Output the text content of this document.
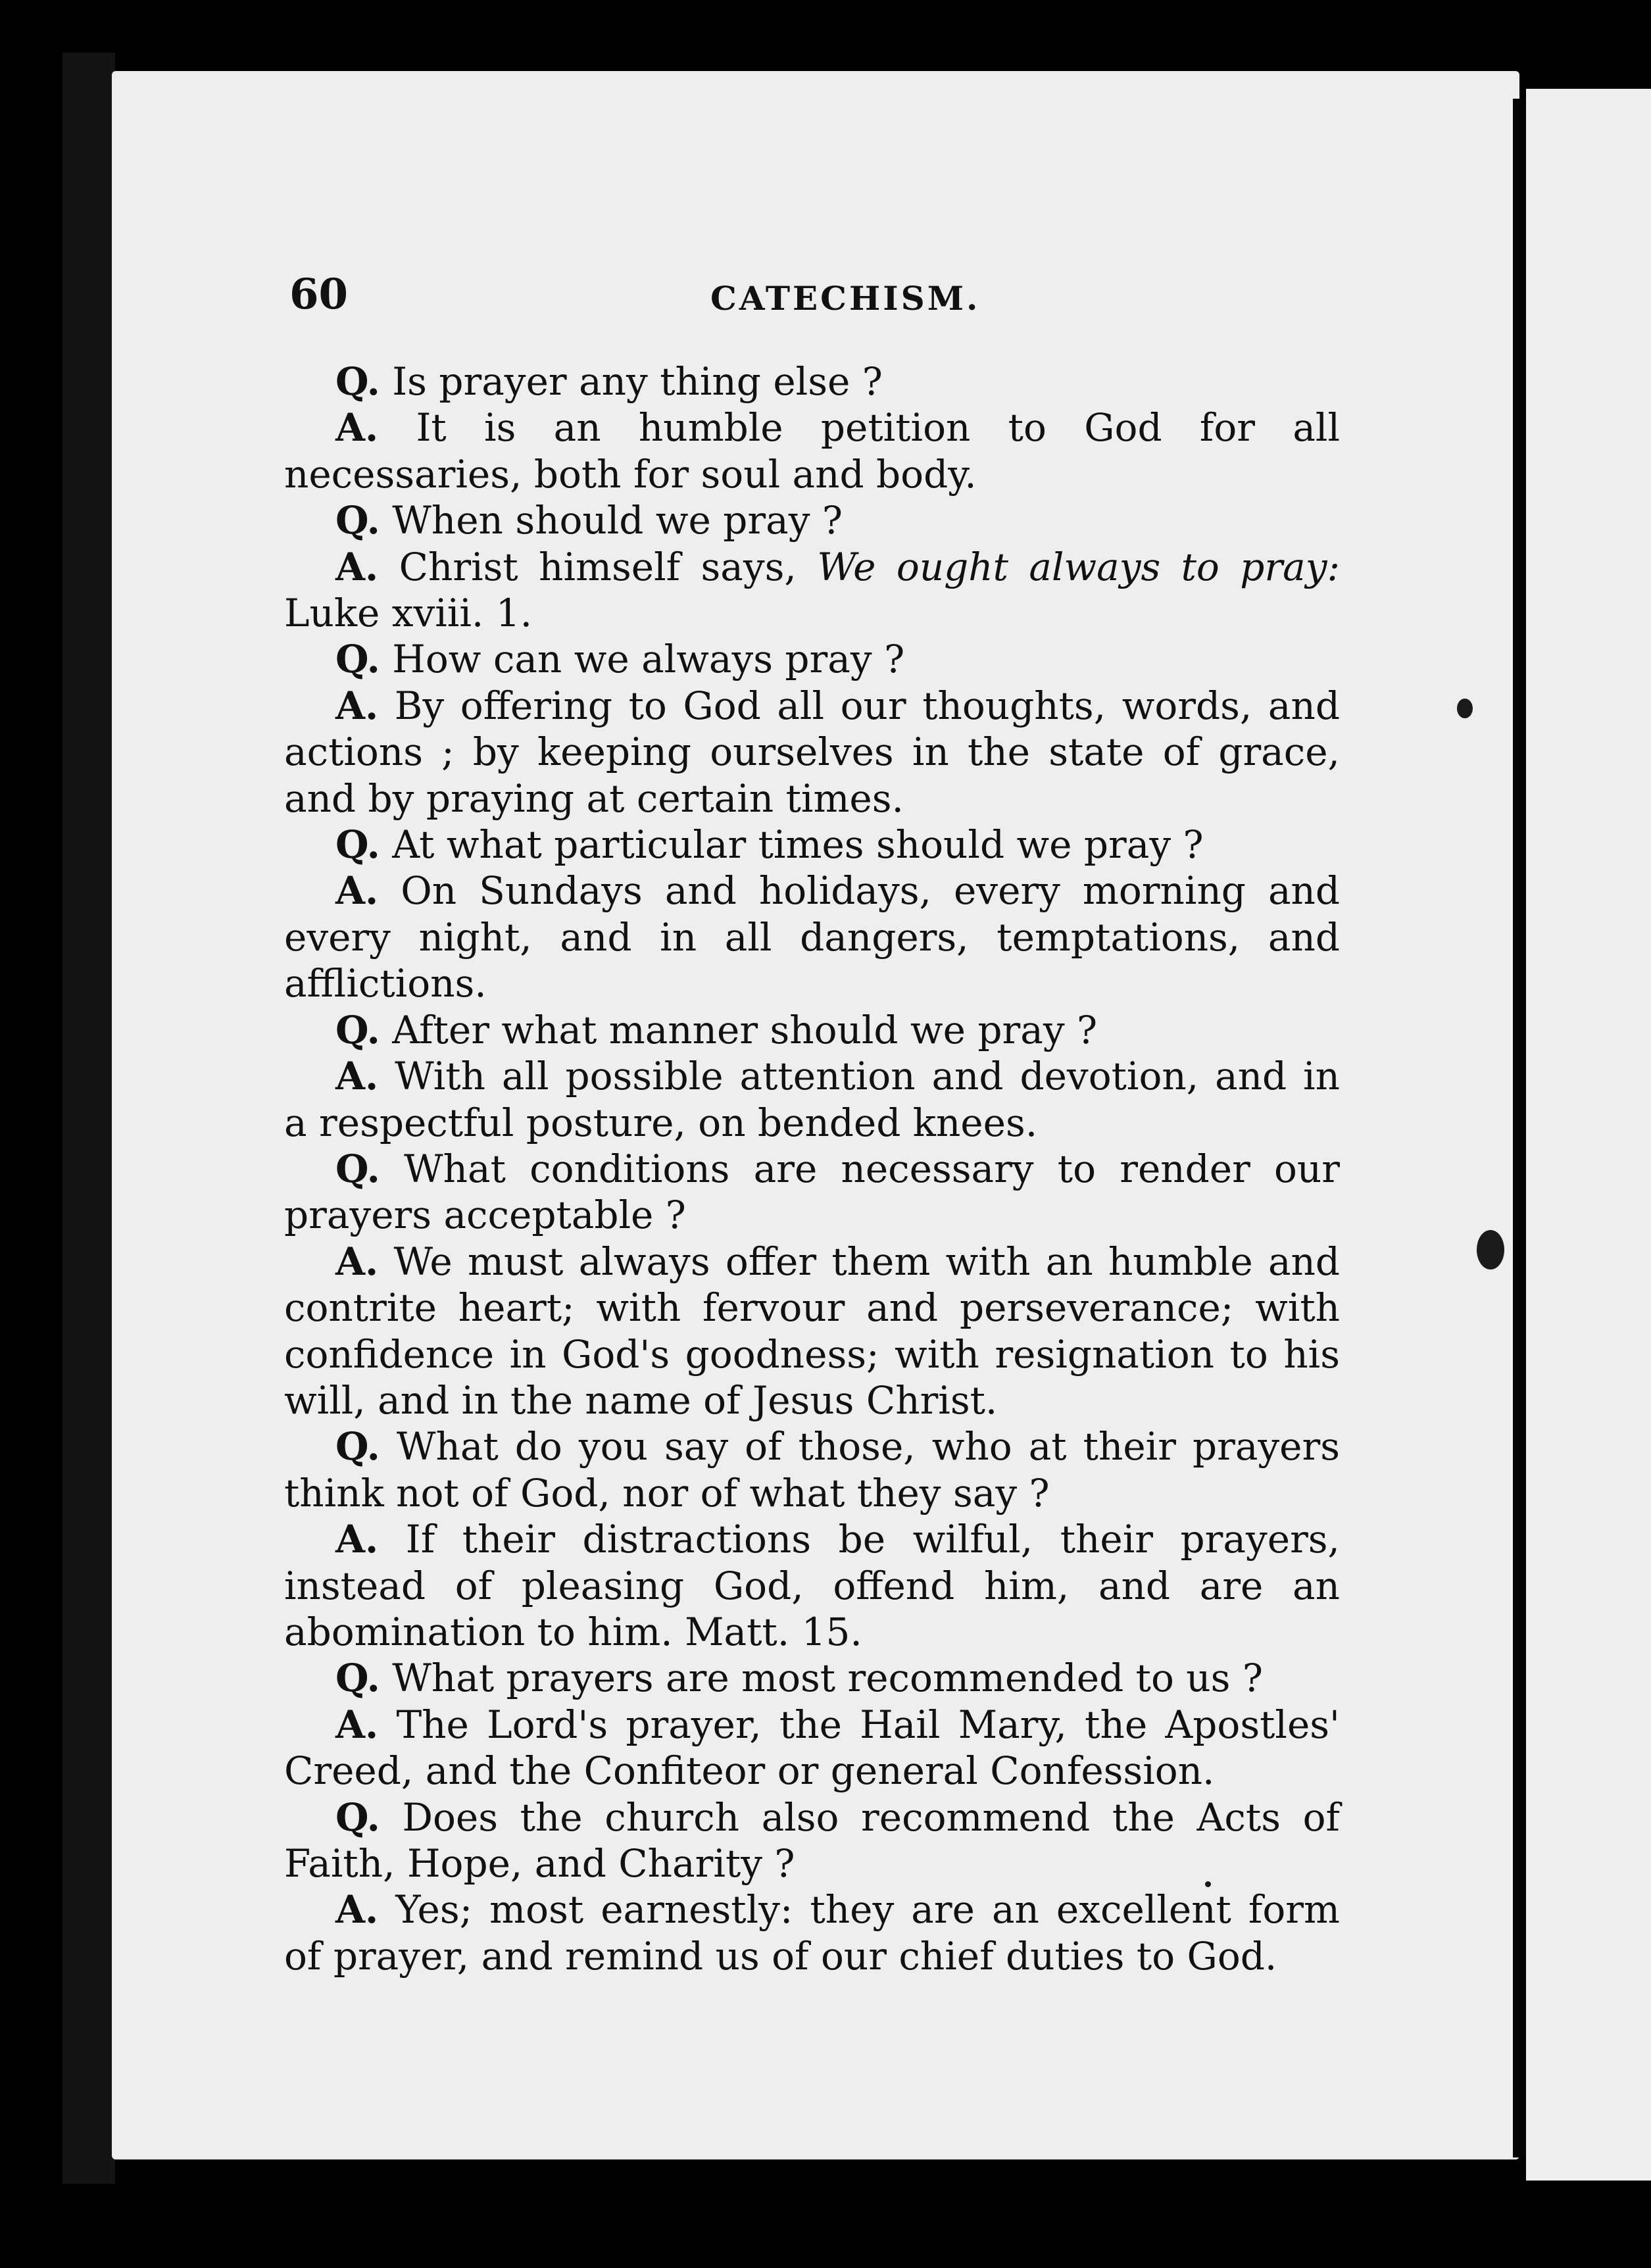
60	CATECHISM.

Q. Is prayer any thing else ?

A. It is an humble petition to God for all necessaries, both for soul and body.

Q. When should we pray ?

A. Christ himself says, We ought always to pray: Luke xviii. 1.

Q. How can we always pray ?

A. By offering to God all our thoughts, words, and actions ; by keeping ourselves in the state of grace, and by praying at certain times.

Q. At what particular times should we pray ?

A. On Sundays and holidays, every morning and every night, and in all dangers, temptations, and afflictions.

Q. After what manner should we pray ?

A. With all possible attention and devotion, and in a respectful posture, on bended knees.

Q. What conditions are necessary to render our prayers acceptable ?

A. We must always offer them with an humble and contrite heart; with fervour and perseverance; with confidence in God's goodness; with resignation to his will, and in the name of Jesus Christ.

Q. What do you say of those, who at their prayers think not of God, nor of what they say ?

A. If their distractions be wilful, their prayers, instead of pleasing God, offend him, and are an abomination to him. Matt. 15.

Q. What prayers are most recommended to us ?

A. The Lord's prayer, the Hail Mary, the Apostles' Creed, and the Confiteor or general Confession.

Q. Does the church also recommend the Acts of Faith, Hope, and Charity ?

A. Yes; most earnestly: they are an excellent form of prayer, and remind us of our chief duties to God.
